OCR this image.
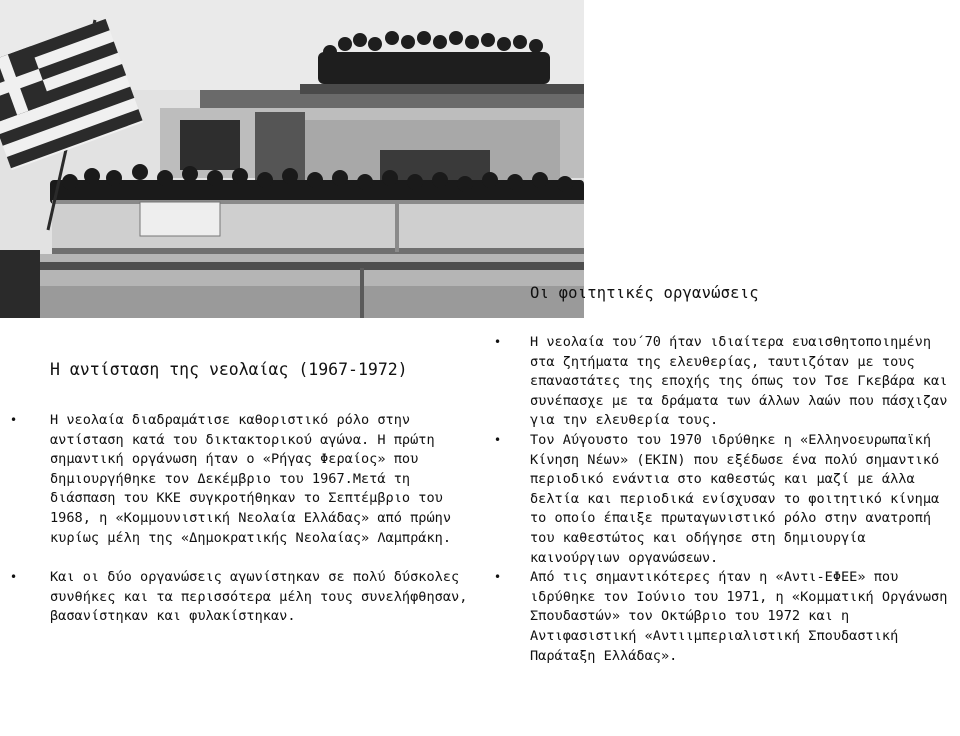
Οι φοιτητικές οργανώσεις
Η αντίσταση της νεολαίας (1967-1972)
• Η νεολαία διαδραμάτισε καθοριστικό ρόλο στην αντίσταση κατά του δικτακτορικού αγώνα. Η πρώτη σημαντική οργάνωση ήταν ο «Ρήγας Φεραίος» που δημιουργήθηκε τον Δεκέμβριο του 1967.Μετά τη διάσπαση του ΚΚΕ συγκροτήθηκαν το Σεπτέμβριο του 1968, η «Κομμουνιστική Νεολαία Ελλάδας» από πρώην κυρίως μέλη της «Δημοκρατικής Νεολαίας» Λαμπράκη.
• Και οι δύο οργανώσεις αγωνίστηκαν σε πολύ δύσκολες συνθήκες και τα περισσότερα μέλη τους συνελήφθησαν, βασανίστηκαν και φυλακίστηκαν.
• Η νεολαία του΄70 ήταν ιδιαίτερα ευαισθητοποιημένη στα ζητήματα της ελευθερίας, ταυτιζόταν με τους επαναστάτες της εποχής της όπως τον Τσε Γκεβάρα και συνέπασχε με τα δράματα των άλλων λαών που πάσχιζαν για την ελευθερία τους.
• Τον Αύγουστο του 1970 ιδρύθηκε η «Ελληνοευρωπαϊκή Κίνηση Νέων» (ΕΚΙΝ) που εξέδωσε ένα πολύ σημαντικό περιοδικό ενάντια στο καθεστώς και μαζί με άλλα δελτία και περιοδικά ενίσχυσαν το φοιτητικό κίνημα το οποίο έπαιξε πρωταγωνιστικό ρόλο στην ανατροπή του καθεστώτος και οδήγησε στη δημιουργία καινούργιων οργανώσεων.
• Από τις σημαντικότερες ήταν η «Αντι-ΕΦΕΕ» που ιδρύθηκε τον Ιούνιο του 1971, η «Κομματική Οργάνωση Σπουδαστών» τον Οκτώβριο του 1972 και η Αντιφασιστική «Αντιιμπεριαλιστική Σπουδαστική Παράταξη Ελλάδας».
